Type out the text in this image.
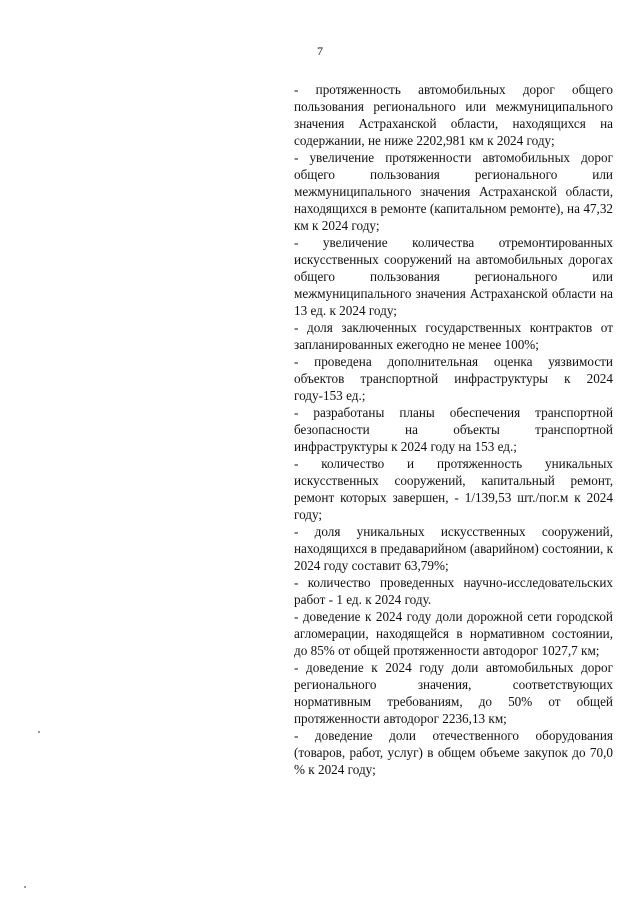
7

- протяженность автомобильных дорог общего пользования регионального или межмуниципального значения Астраханской области, находящихся на содержании, не ниже 2202,981 км к 2024 году;

- увеличение протяженности автомобильных дорог общего пользования регионального или межмуниципального значения Астраханской области, находящихся в ремонте (капитальном ремонте), на 47,32 км к 2024 году;

- увеличение количества отремонтированных искусственных сооружений на автомобильных дорогах общего пользования регионального или межмуниципального значения Астраханской области на 13 ед. к 2024 году;

- доля заключенных государственных контрактов от запланированных ежегодно не менее 100%;

- проведена дополнительная оценка уязвимости объектов транспортной инфраструктуры к 2024 году-153 ед.;

- разработаны планы обеспечения транспортной безопасности на объекты транспортной инфраструктуры к 2024 году на 153 ед.;

- количество и протяженность уникальных искусственных сооружений, капитальный ремонт, ремонт которых завершен, - 1/139,53 шт./пог.м к 2024 году;

- доля уникальных искусственных сооружений, находящихся в предаварийном (аварийном) состоянии, к 2024 году составит 63,79%;

- количество проведенных научно-исследовательских работ - 1 ед. к 2024 году.

- доведение к 2024 году доли дорожной сети городской агломерации, находящейся в нормативном состоянии, до 85% от общей протяженности автодорог 1027,7 км;

- доведение к 2024 году доли автомобильных дорог регионального значения, соответствующих нормативным требованиям, до 50% от общей протяженности автодорог 2236,13 км;

- доведение доли отечественного оборудования (товаров, работ, услуг) в общем объеме закупок до 70,0 % к 2024 году;
